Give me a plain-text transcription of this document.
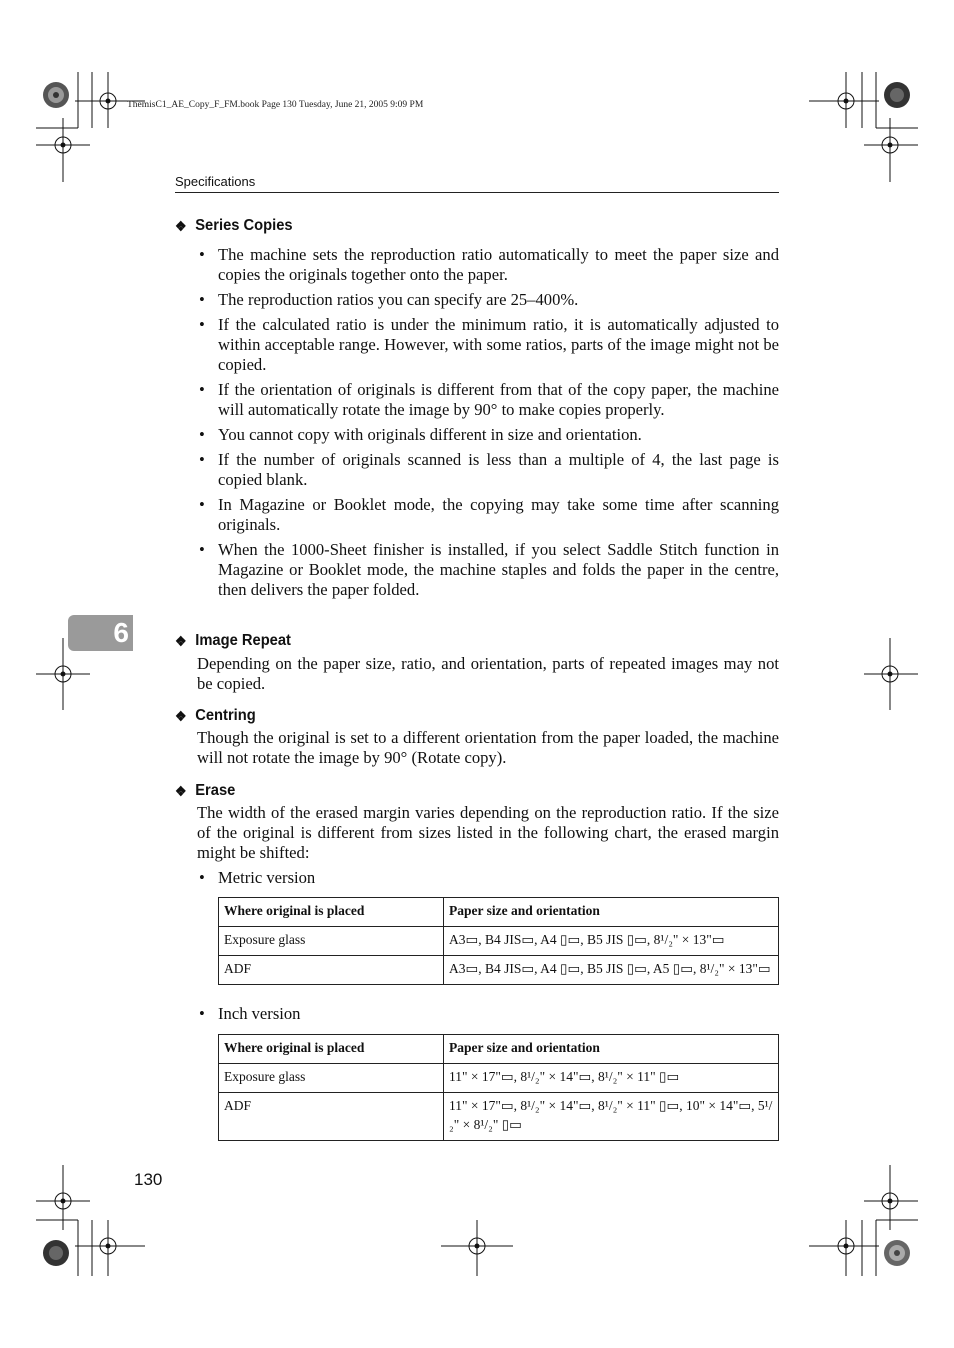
ThemisC1_AE_Copy_F_FM.book Page 130 Tuesday, June 21, 2005 9:09 PM
Specifications
6
❖ Series Copies
• The machine sets the reproduction ratio automatically to meet the paper size and copies the originals together onto the paper.
• The reproduction ratios you can specify are 25–400%.
• If the calculated ratio is under the minimum ratio, it is automatically adjusted to within acceptable range. However, with some ratios, parts of the image might not be copied.
• If the orientation of originals is different from that of the copy paper, the machine will automatically rotate the image by 90° to make copies properly.
• You cannot copy with originals different in size and orientation.
• If the number of originals scanned is less than a multiple of 4, the last page is copied blank.
• In Magazine or Booklet mode, the copying may take some time after scanning originals.
• When the 1000-Sheet finisher is installed, if you select Saddle Stitch function in Magazine or Booklet mode, the machine staples and folds the paper in the centre, then delivers the paper folded.
❖ Image Repeat

Depending on the paper size, ratio, and orientation, parts of repeated images may not be copied.

❖ Centring

Though the original is set to a different orientation from the paper loaded, the machine will not rotate the image by 90° (Rotate copy).

❖ Erase

The width of the erased margin varies depending on the reproduction ratio. If the size of the original is different from sizes listed in the following chart, the erased margin might be shifted:

• Metric version
Where original is placed	Paper size and orientation
Exposure glass	A3▭, B4 JIS▭, A4 ▯▭, B5 JIS ▯▭, 8¹/₂" × 13"▭
ADF	A3▭, B4 JIS▭, A4 ▯▭, B5 JIS ▯▭, A5 ▯▭, 8¹/₂" × 13"▭
• Inch version
Where original is placed	Paper size and orientation
Exposure glass	11" × 17"▭, 8¹/₂" × 14"▭, 8¹/₂" × 11" ▯▭
ADF	11" × 17"▭, 8¹/₂" × 14"▭, 8¹/₂" × 11" ▯▭, 10" × 14"▭, 5¹/₂" × 8¹/₂" ▯▭
130
